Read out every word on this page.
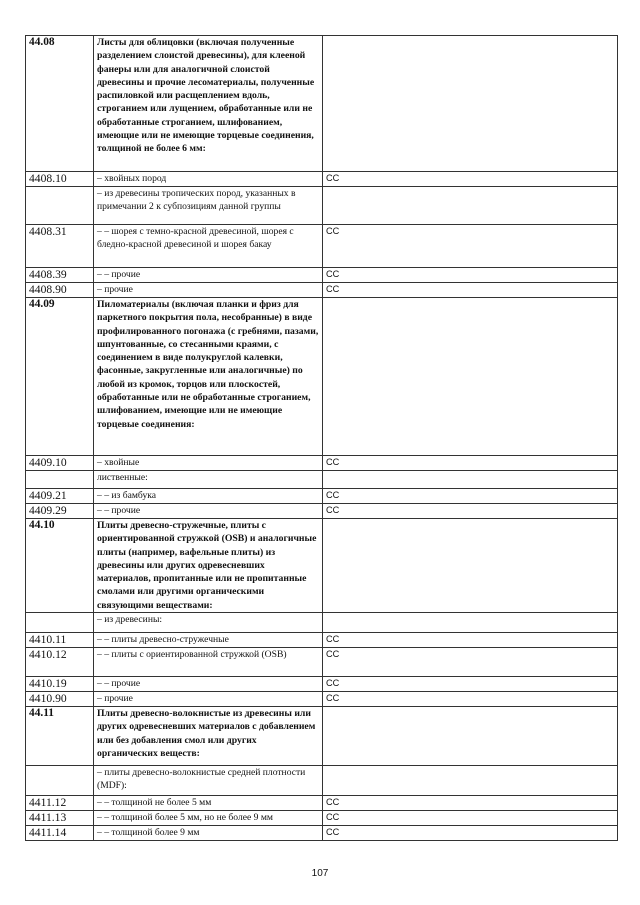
44.08	Листы для облицовки (включая полученные разделением слоистой древесины), для клееной фанеры или для аналогичной слоистой древесины и прочие лесоматериалы, полученные распиловкой или расщеплением вдоль, строганием или лущением, обработанные или не обработанные строганием, шлифованием, имеющие или не имеющие торцевые соединения, толщиной не более 6 мм:	
4408.10	– хвойных пород	СС
	– из древесины тропических пород, указанных в примечании 2 к субпозициям данной группы	
4408.31	– – шорея с темно-красной древесиной, шорея с бледно-красной древесиной и шорея бакау	СС
4408.39	– – прочие	СС
4408.90	– прочие	СС
44.09	Пиломатериалы (включая планки и фриз для паркетного покрытия пола, несобранные) в виде профилированного погонажа (с гребнями, пазами, шпунтованные, со стесанными краями, с соединением в виде полукруглой калевки, фасонные, закругленные или аналогичные) по любой из кромок, торцов или плоскостей, обработанные или не обработанные строганием, шлифованием, имеющие или не имеющие торцевые соединения:	
4409.10	– хвойные	СС
	лиственные:	
4409.21	– – из бамбука	СС
4409.29	– – прочие	СС
44.10	Плиты древесно-стружечные, плиты с ориентированной стружкой (OSB) и аналогичные плиты (например, вафельные плиты) из древесины или других одревесневших материалов, пропитанные или не пропитанные смолами или другими органическими связующими веществами:	
	– из древесины:	
4410.11	– – плиты древесно-стружечные	СС
4410.12	– – плиты с ориентированной стружкой (OSB)	СС
4410.19	– – прочие	СС
4410.90	– прочие	СС
44.11	Плиты древесно-волокнистые из древесины или других одревесневших материалов с добавлением или без добавления смол или других органических веществ:	
	– плиты древесно-волокнистые средней плотности (MDF):	
4411.12	– – толщиной не более 5 мм	СС
4411.13	– – толщиной более 5 мм, но не более 9 мм	СС
4411.14	– – толщиной более 9 мм	СС
107
